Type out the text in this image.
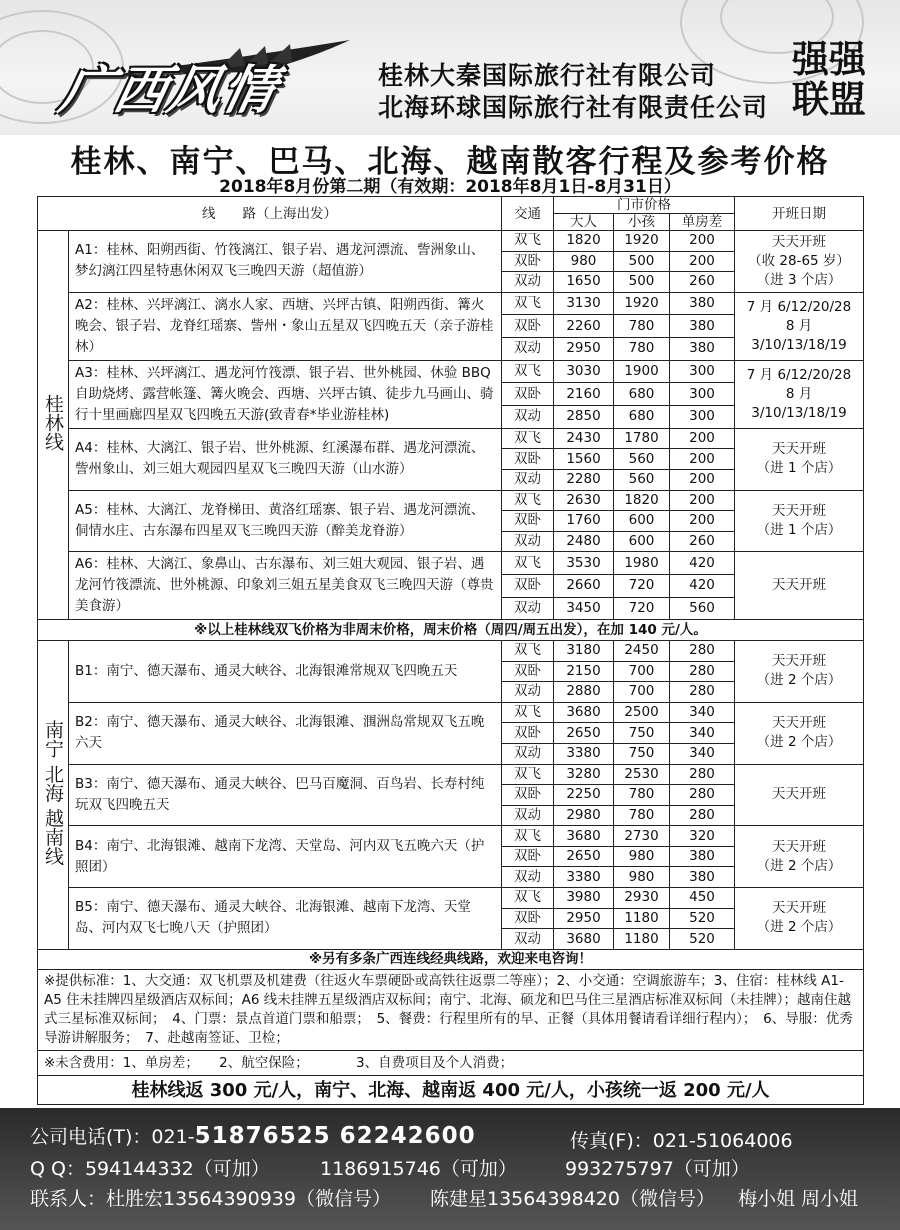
广西风情	桂林大秦国际旅行社有限公司
北海环球国际旅行社有限责任公司
强强
联盟
桂林、南宁、巴马、北海、越南散客行程及参考价格
2018年8月份第二期（有效期：2018年8月1日-8月31日）
线　　路（上海出发）		交通	门市价格			开班日期
			大人	小孩	单房差	
桂林线	A1：桂林、阳朔西街、竹筏漓江、银子岩、遇龙河漂流、訾洲象山、梦幻漓江四星特惠休闲双飞三晚四天游（超值游）	双飞	1820	1920	200	天天开班
（收 28-65 岁）
（进 3 个店）
		双卧	980	500	200	
		双动	1650	500	260	
	A2：桂林、兴坪漓江、漓水人家、西塘、兴坪古镇、阳朔西街、篝火晚会、银子岩、龙脊红瑶寨、訾州・象山五星双飞四晚五天（亲子游桂林）	双飞	3130	1920	380	7 月 6/12/20/28
8 月
3/10/13/18/19
		双卧	2260	780	380	
		双动	2950	780	380	
	A3：桂林、兴坪漓江、遇龙河竹筏漂、银子岩、世外桃园、休验 BBQ 自助烧烤、露营帐篷、篝火晚会、西塘、兴坪古镇、徒步九马画山、骑行十里画廊四星双飞四晚五天游(致青春*毕业游桂林)	双飞	3030	1900	300	7 月 6/12/20/28
8 月
3/10/13/18/19
		双卧	2160	680	300	
		双动	2850	680	300	
	A4：桂林、大漓江、银子岩、世外桃源、红溪瀑布群、遇龙河漂流、訾州象山、刘三姐大观园四星双飞三晚四天游（山水游）	双飞	2430	1780	200	天天开班
（进 1 个店）
		双卧	1560	560	200	
		双动	2280	560	200	
	A5：桂林、大漓江、龙脊梯田、黄洛红瑶寨、银子岩、遇龙河漂流、侗情水庄、古东瀑布四星双飞三晚四天游（醉美龙脊游）	双飞	2630	1820	200	天天开班
（进 1 个店）
		双卧	1760	600	200	
		双动	2480	600	260	
	A6：桂林、大漓江、象鼻山、古东瀑布、刘三姐大观园、银子岩、遇龙河竹筏漂流、世外桃源、印象刘三姐五星美食双飞三晚四天游（尊贵美食游）	双飞	3530	1980	420	天天开班
		双卧	2660	720	420	
		双动	3450	720	560	
※以上桂林线双飞价格为非周末价格，周末价格（周四/周五出发），在加 140 元/人。						
南宁 北海 越南线	B1：南宁、德天瀑布、通灵大峡谷、北海银滩常规双飞四晚五天	双飞	3180	2450	280	天天开班
（进 2 个店）
		双卧	2150	700	280	
		双动	2880	700	280	
	B2：南宁、德天瀑布、通灵大峡谷、北海银滩、涠洲岛常规双飞五晚六天	双飞	3680	2500	340	天天开班
（进 2 个店）
		双卧	2650	750	340	
		双动	3380	750	340	
	B3：南宁、德天瀑布、通灵大峡谷、巴马百魔洞、百鸟岩、长寿村纯玩双飞四晚五天	双飞	3280	2530	280	天天开班
		双卧	2250	780	280	
		双动	2980	780	280	
	B4：南宁、北海银滩、越南下龙湾、天堂岛、河内双飞五晚六天（护照团）	双飞	3680	2730	320	天天开班
（进 2 个店）
		双卧	2650	980	380	
		双动	3380	980	380	
	B5：南宁、德天瀑布、通灵大峡谷、北海银滩、越南下龙湾、天堂岛、河内双飞七晚八天（护照团）	双飞	3980	2930	450	天天开班
（进 2 个店）
		双卧	2950	1180	520	
		双动	3680	1180	520	
※另有多条广西连线经典线路，欢迎来电咨询！						
※提供标准：1、大交通：双飞机票及机建费（往返火车票硬卧或高铁往返票二等座）；2、小交通：空调旅游车；3、住宿：桂林线 A1-A5 住未挂牌四星级酒店双标间；A6 线未挂牌五星级酒店双标间；南宁、北海、硕龙和巴马住三星酒店标准双标间（未挂牌）；越南住越式三星标准双标间；　4、门票：景点首道门票和船票；　5、餐费：行程里所有的早、正餐（具体用餐请看详细行程内）；　6、导服：优秀导游讲解服务；　7、赴越南签证、卫检；						
※未含费用：1、单房差；　　2、航空保险；　　　　3、自费项目及个人消费；						
桂林线返 300 元/人，南宁、北海、越南返 400 元/人，小孩统一返 200 元/人						
公司电话(T)：021-51876525 62242600	传真(F)：021-51064006
Q Q：594144332（可加）	1186915746（可加）	993275797（可加）
联系人：杜胜宏13564390939（微信号） 陈建星13564398420（微信号） 梅小姐 周小姐
